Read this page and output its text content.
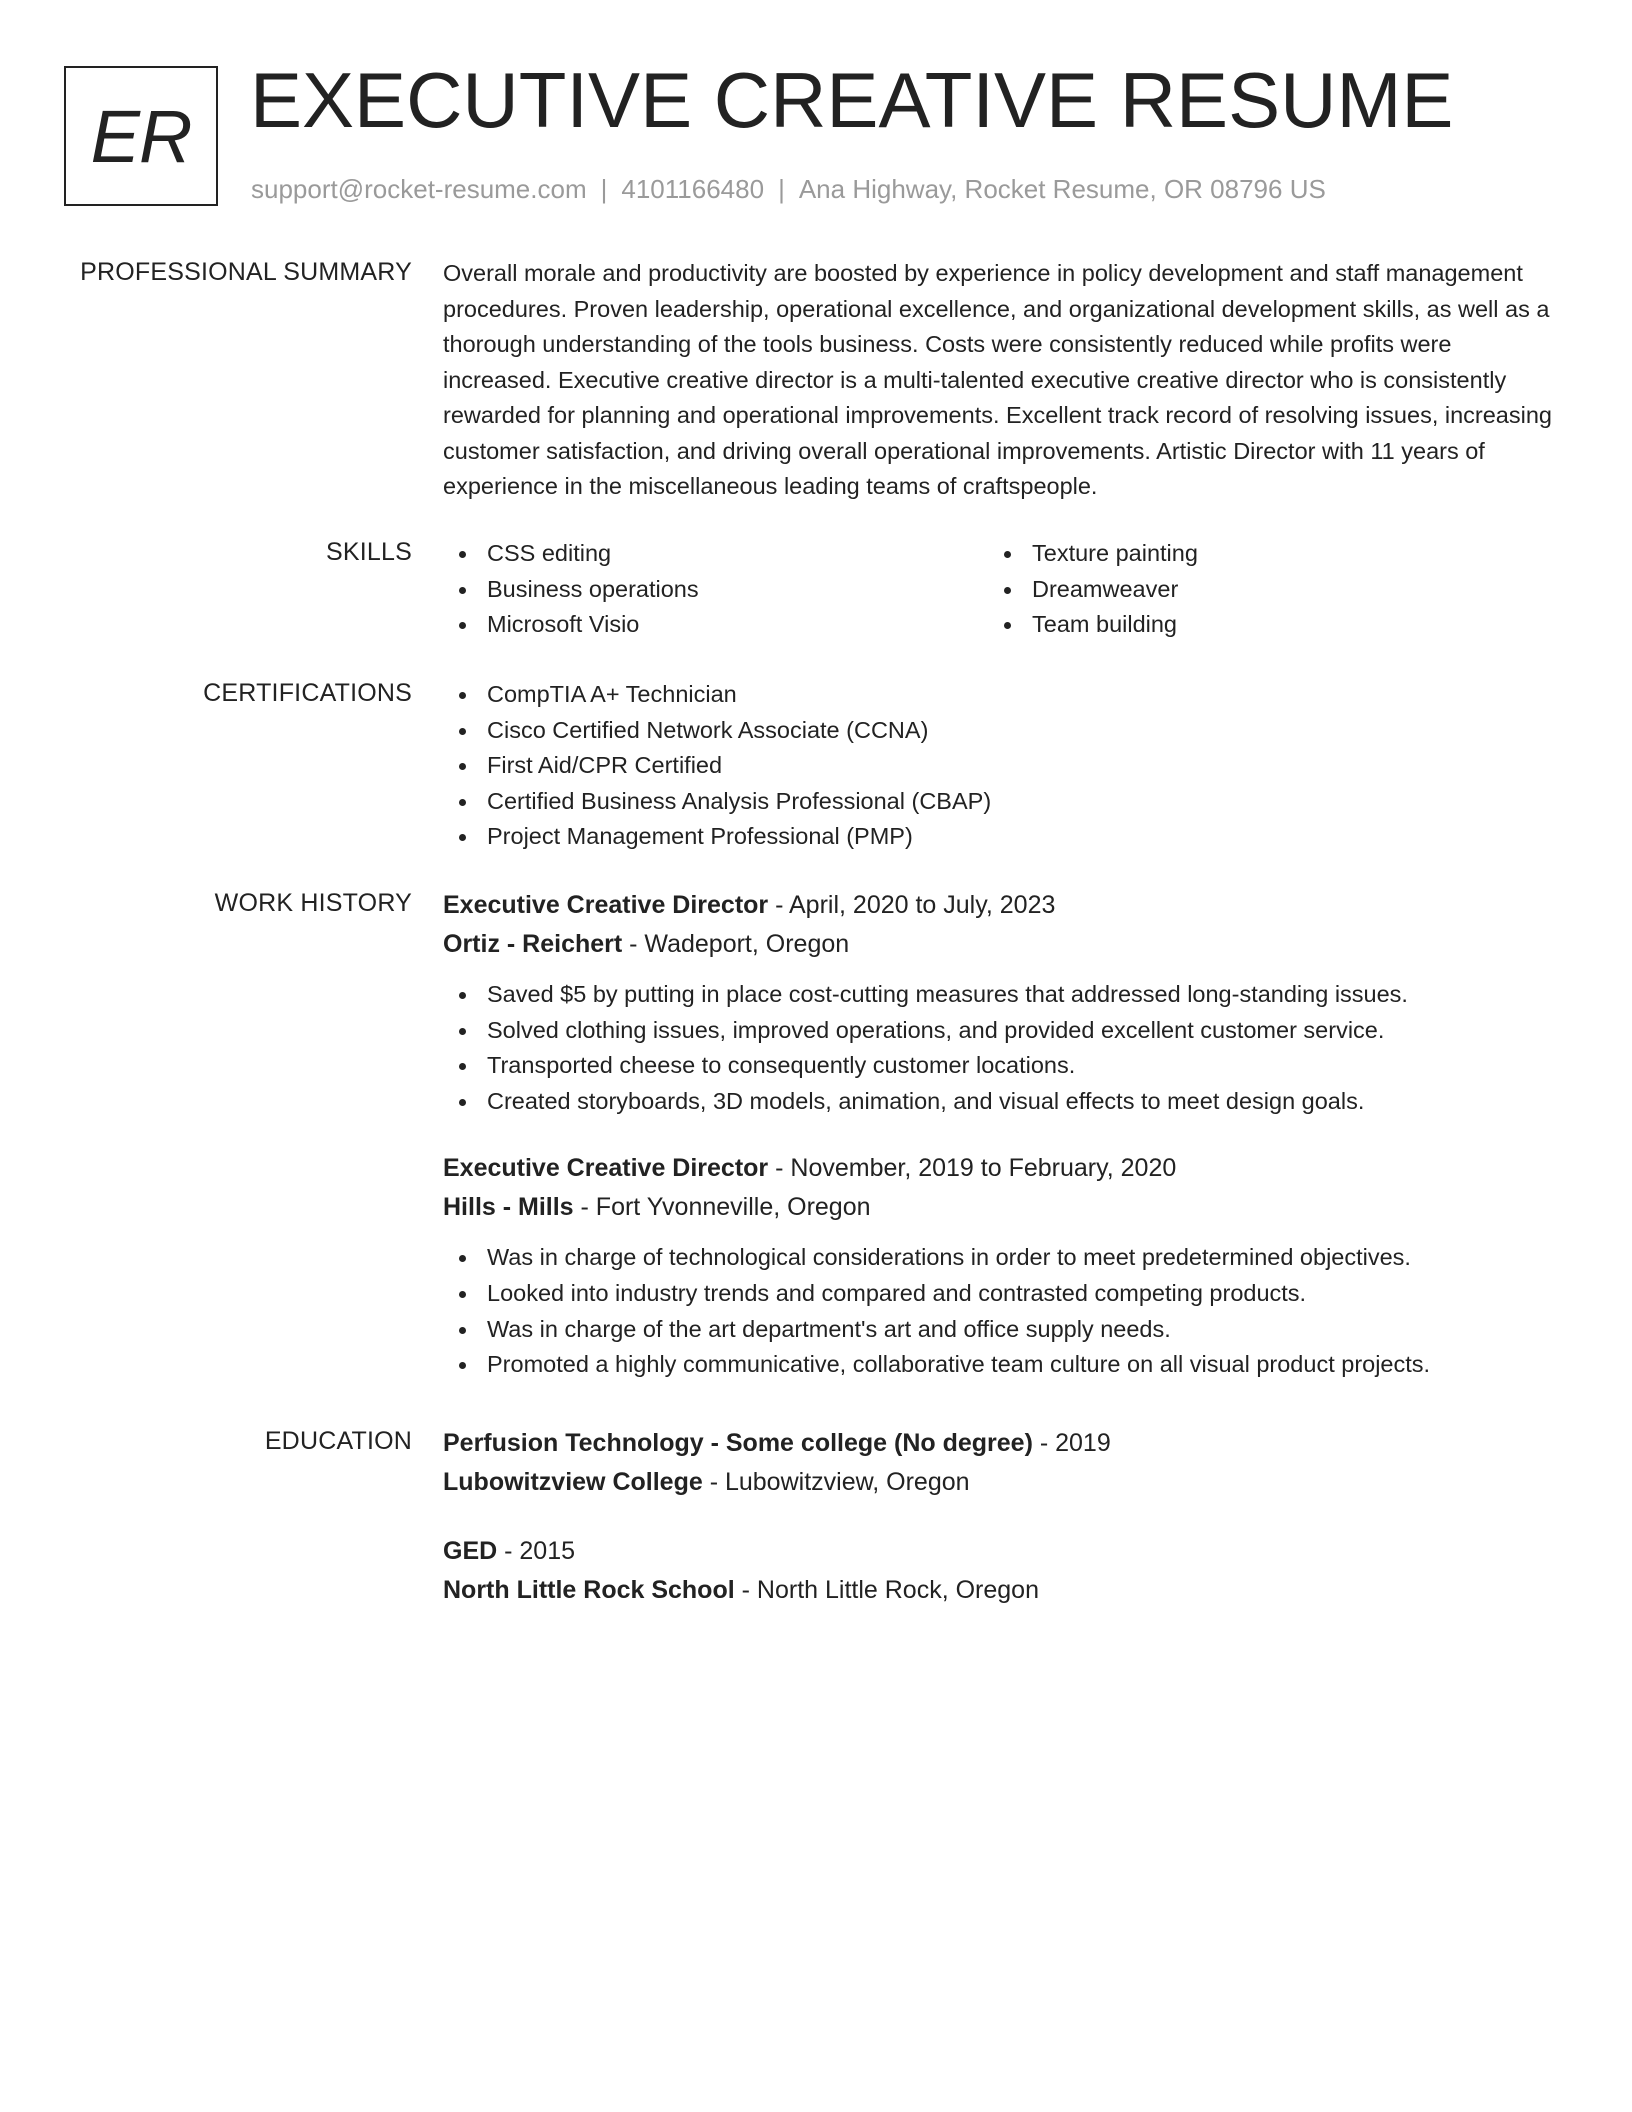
ER EXECUTIVE CREATIVE RESUME
support@rocket-resume.com | 4101166480 | Ana Highway, Rocket Resume, OR 08796 US
PROFESSIONAL SUMMARY Overall morale and productivity are boosted by experience in policy development and staff management procedures. Proven leadership, operational excellence, and organizational development skills, as well as a thorough understanding of the tools business. Costs were consistently reduced while profits were increased. Executive creative director is a multi-talented executive creative director who is consistently rewarded for planning and operational improvements. Excellent track record of resolving issues, increasing customer satisfaction, and driving overall operational improvements. Artistic Director with 11 years of experience in the miscellaneous leading teams of craftspeople.

SKILLS	CSS editing
Business operations
Microsoft Visio
Texture painting
Dreamweaver
Team building
CERTIFICATIONS	CompTIA A+ Technician
Cisco Certified Network Associate (CCNA)
First Aid/CPR Certified
Certified Business Analysis Professional (CBAP)
Project Management Professional (PMP)
WORK HISTORY Executive Creative Director - April, 2020 to July, 2023
Ortiz - Reichert - Wadeport, Oregon
Saved $5 by putting in place cost-cutting measures that addressed long-standing issues.
Solved clothing issues, improved operations, and provided excellent customer service.
Transported cheese to consequently customer locations.
Created storyboards, 3D models, animation, and visual effects to meet design goals.
Executive Creative Director - November, 2019 to February, 2020
Hills - Mills - Fort Yvonneville, Oregon
Was in charge of technological considerations in order to meet predetermined objectives.
Looked into industry trends and compared and contrasted competing products.
Was in charge of the art department's art and office supply needs.
Promoted a highly communicative, collaborative team culture on all visual product projects.
EDUCATION Perfusion Technology - Some college (No degree) - 2019
Lubowitzview College - Lubowitzview, Oregon
GED - 2015
North Little Rock School - North Little Rock, Oregon
